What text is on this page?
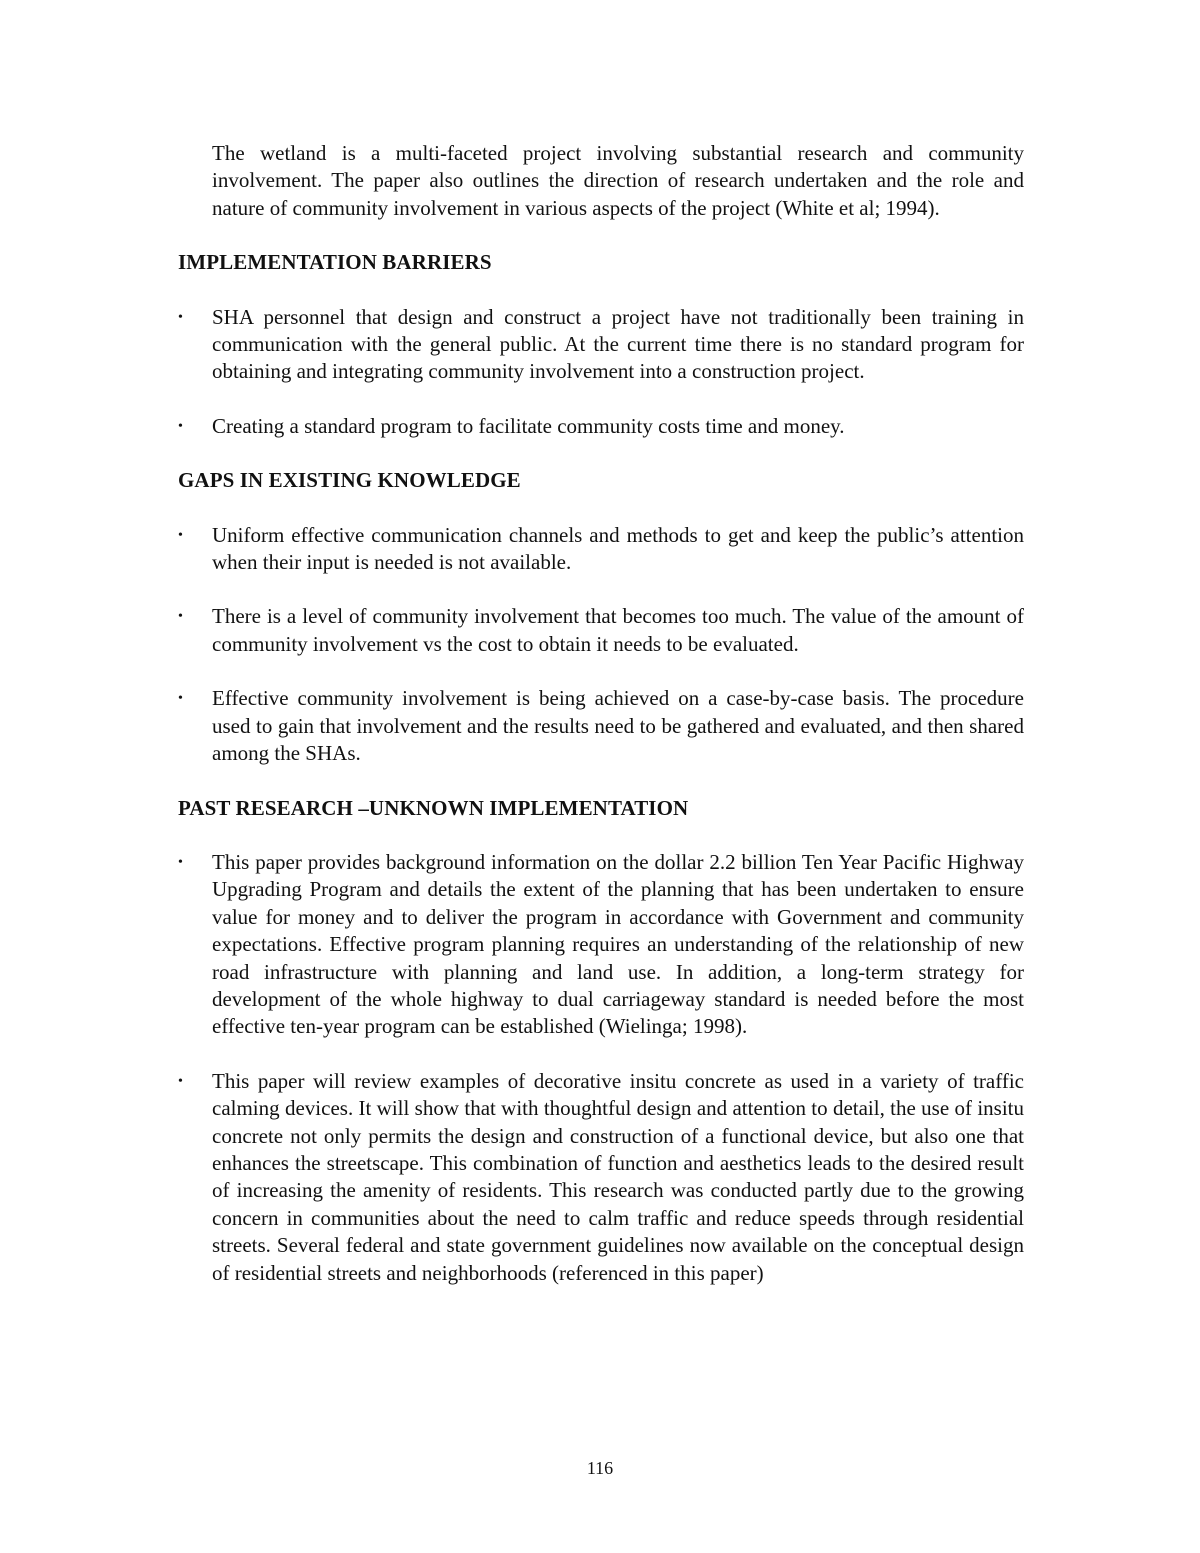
The wetland is a multi-faceted project involving substantial research and community involvement. The paper also outlines the direction of research undertaken and the role and nature of community involvement in various aspects of the project (White et al; 1994).

IMPLEMENTATION BARRIERS
•	SHA personnel that design and construct a project have not traditionally been training in communication with the general public. At the current time there is no standard program for obtaining and integrating community involvement into a construction project.
•	Creating a standard program to facilitate community costs time and money.
GAPS IN EXISTING KNOWLEDGE
•	Uniform effective communication channels and methods to get and keep the public’s attention when their input is needed is not available.
•	There is a level of community involvement that becomes too much. The value of the amount of community involvement vs the cost to obtain it needs to be evaluated.
•	Effective community involvement is being achieved on a case-by-case basis. The procedure used to gain that involvement and the results need to be gathered and evaluated, and then shared among the SHAs.
PAST RESEARCH –UNKNOWN IMPLEMENTATION
•	This paper provides background information on the dollar 2.2 billion Ten Year Pacific Highway Upgrading Program and details the extent of the planning that has been undertaken to ensure value for money and to deliver the program in accordance with Government and community expectations. Effective program planning requires an understanding of the relationship of new road infrastructure with planning and land use. In addition, a long-term strategy for development of the whole highway to dual carriageway standard is needed before the most effective ten-year program can be established (Wielinga; 1998).
•	This paper will review examples of decorative insitu concrete as used in a variety of traffic calming devices. It will show that with thoughtful design and attention to detail, the use of insitu concrete not only permits the design and construction of a functional device, but also one that enhances the streetscape. This combination of function and aesthetics leads to the desired result of increasing the amenity of residents. This research was conducted partly due to the growing concern in communities about the need to calm traffic and reduce speeds through residential streets. Several federal and state government guidelines now available on the conceptual design of residential streets and neighborhoods (referenced in this paper)
116
